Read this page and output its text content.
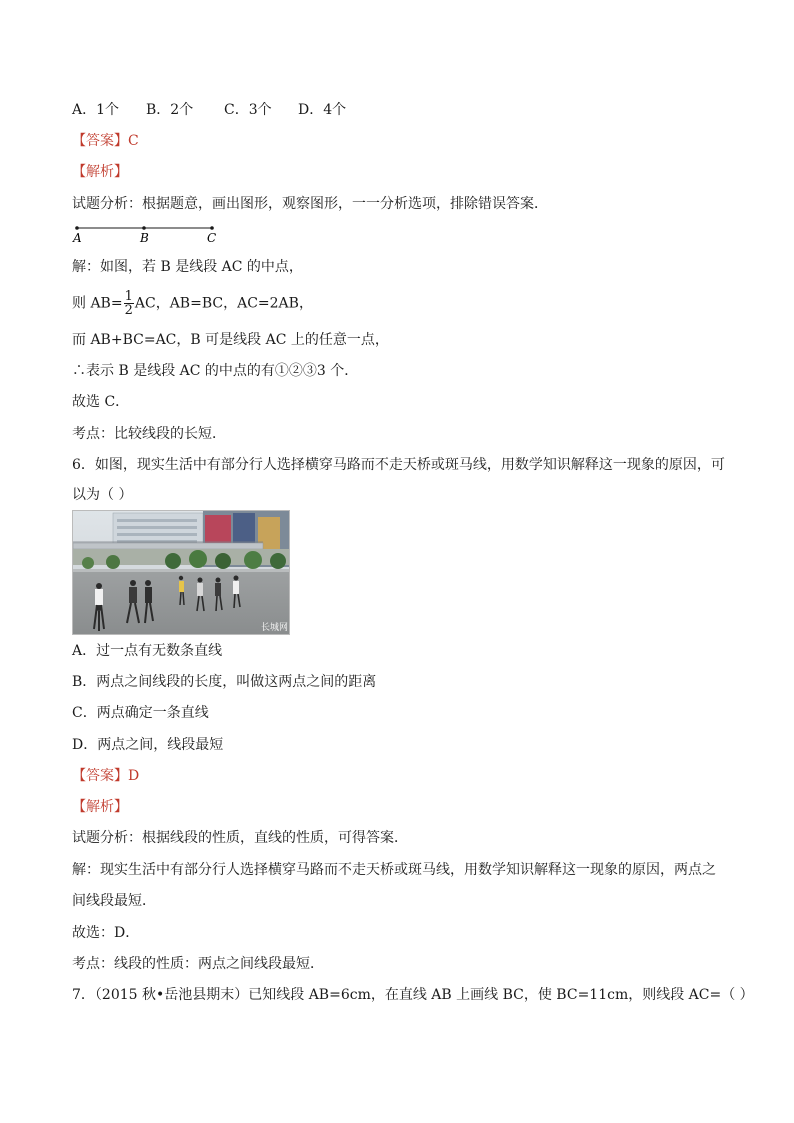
A．1个 B．2个 C．3个 D．4个
【答案】C
【解析】
试题分析：根据题意，画出图形，观察图形，一一分析选项，排除错误答案．
A	B	C
解：如图，若 B 是线段 AC 的中点，
则 $AB= \frac{1}{2}$ AC，AB=BC，AC=2AB，
而 AB+BC=AC，B 可是线段 AC 上的任意一点，
∴表示 B 是线段 AC 的中点的有①②③3 个．
故选 C．
考点：比较线段的长短．
6．如图，现实生活中有部分行人选择横穿马路而不走天桥或斑马线，用数学知识解释这一现象的原因，可
以为（ ）
长城网
A．过一点有无数条直线
B．两点之间线段的长度，叫做这两点之间的距离
C．两点确定一条直线
D．两点之间，线段最短
【答案】D
【解析】
试题分析：根据线段的性质，直线的性质，可得答案．
解：现实生活中有部分行人选择横穿马路而不走天桥或斑马线，用数学知识解释这一现象的原因，两点之
间线段最短．
故选：D．
考点：线段的性质：两点之间线段最短．
7．（2015 秋•岳池县期末）已知线段 AB=6cm，在直线 AB 上画线 BC，使 BC=11cm，则线段 AC=（ ）
